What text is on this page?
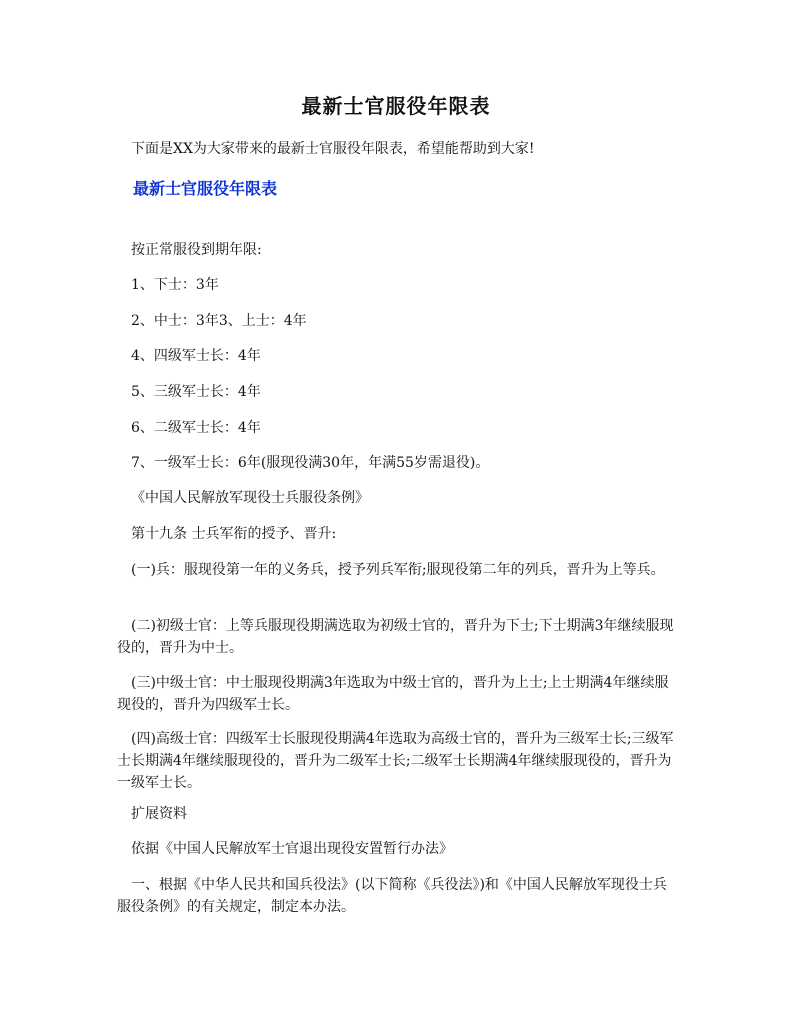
最新士官服役年限表
下面是XX为大家带来的最新士官服役年限表，希望能帮助到大家!
最新士官服役年限表
按正常服役到期年限:
1、下士：3年
2、中士：3年3、上士：4年
4、四级军士长：4年
5、三级军士长：4年
6、二级军士长：4年
7、一级军士长：6年(服现役满30年，年满55岁需退役)。
《中国人民解放军现役士兵服役条例》
第十九条 士兵军衔的授予、晋升:
(一)兵：服现役第一年的义务兵，授予列兵军衔;服现役第二年的列兵，晋升为上等兵。
(二)初级士官：上等兵服现役期满选取为初级士官的，晋升为下士;下士期满3年继续服现役的，晋升为中士。
(三)中级士官：中士服现役期满3年选取为中级士官的，晋升为上士;上士期满4年继续服现役的，晋升为四级军士长。
(四)高级士官：四级军士长服现役期满4年选取为高级士官的，晋升为三级军士长;三级军士长期满4年继续服现役的，晋升为二级军士长;二级军士长期满4年继续服现役的，晋升为一级军士长。
扩展资料
依据《中国人民解放军士官退出现役安置暂行办法》
一、根据《中华人民共和国兵役法》(以下简称《兵役法》)和《中国人民解放军现役士兵服役条例》的有关规定，制定本办法。
